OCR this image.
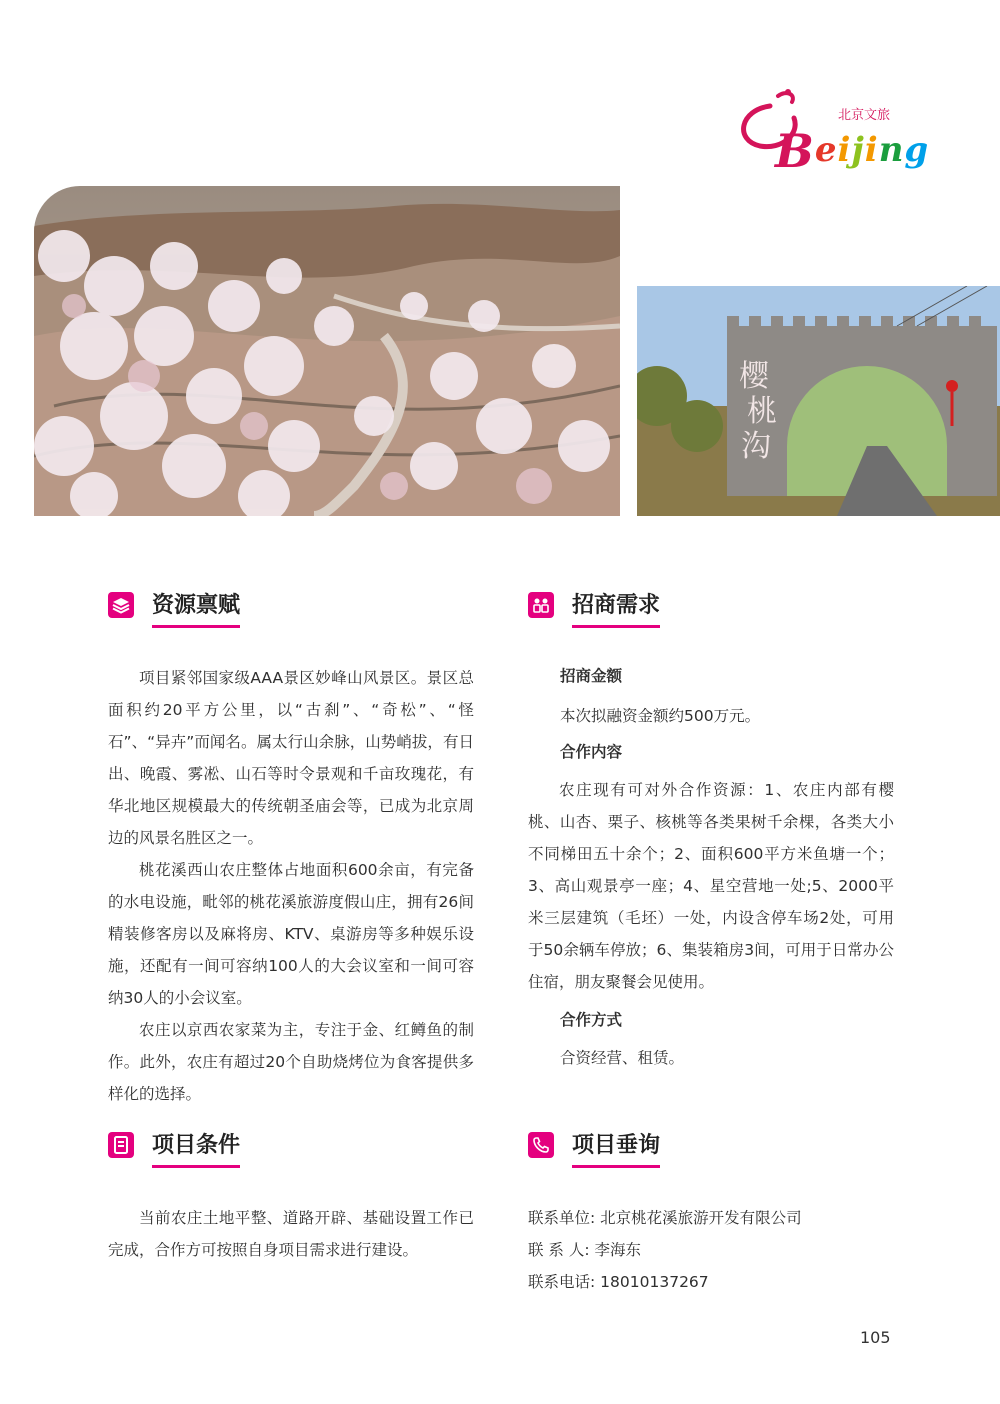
北京文旅
Beijing
樱
桃
沟
资源禀赋

项目紧邻国家级AAA景区妙峰山风景区。景区总面积约20平方公里，以“古刹”、“奇松”、“怪石”、“异卉”而闻名。属太行山余脉，山势峭拔，有日出、晚霞、雾凇、山石等时令景观和千亩玫瑰花，有华北地区规模最大的传统朝圣庙会等，已成为北京周边的风景名胜区之一。

桃花溪西山农庄整体占地面积600余亩，有完备的水电设施，毗邻的桃花溪旅游度假山庄，拥有26间精装修客房以及麻将房、KTV、桌游房等多种娱乐设施，还配有一间可容纳100人的大会议室和一间可容纳30人的小会议室。

农庄以京西农家菜为主，专注于金、红鳟鱼的制作。此外，农庄有超过20个自助烧烤位为食客提供多样化的选择。

项目条件

当前农庄土地平整、道路开辟、基础设置工作已完成，合作方可按照自身项目需求进行建设。

招商需求

招商金额

本次拟融资金额约500万元。

合作内容

农庄现有可对外合作资源：1、农庄内部有樱桃、山杏、栗子、核桃等各类果树千余棵，各类大小不同梯田五十余个；2、面积600平方米鱼塘一个；3、高山观景亭一座；4、星空营地一处;5、2000平米三层建筑（毛坯）一处，内设含停车场2处，可用于50余辆车停放；6、集装箱房3间，可用于日常办公住宿，朋友聚餐会见使用。

合作方式

合资经营、租赁。

项目垂询
联系单位: 北京桃花溪旅游开发有限公司
联 系 人: 李海东
联系电话: 18010137267
105
